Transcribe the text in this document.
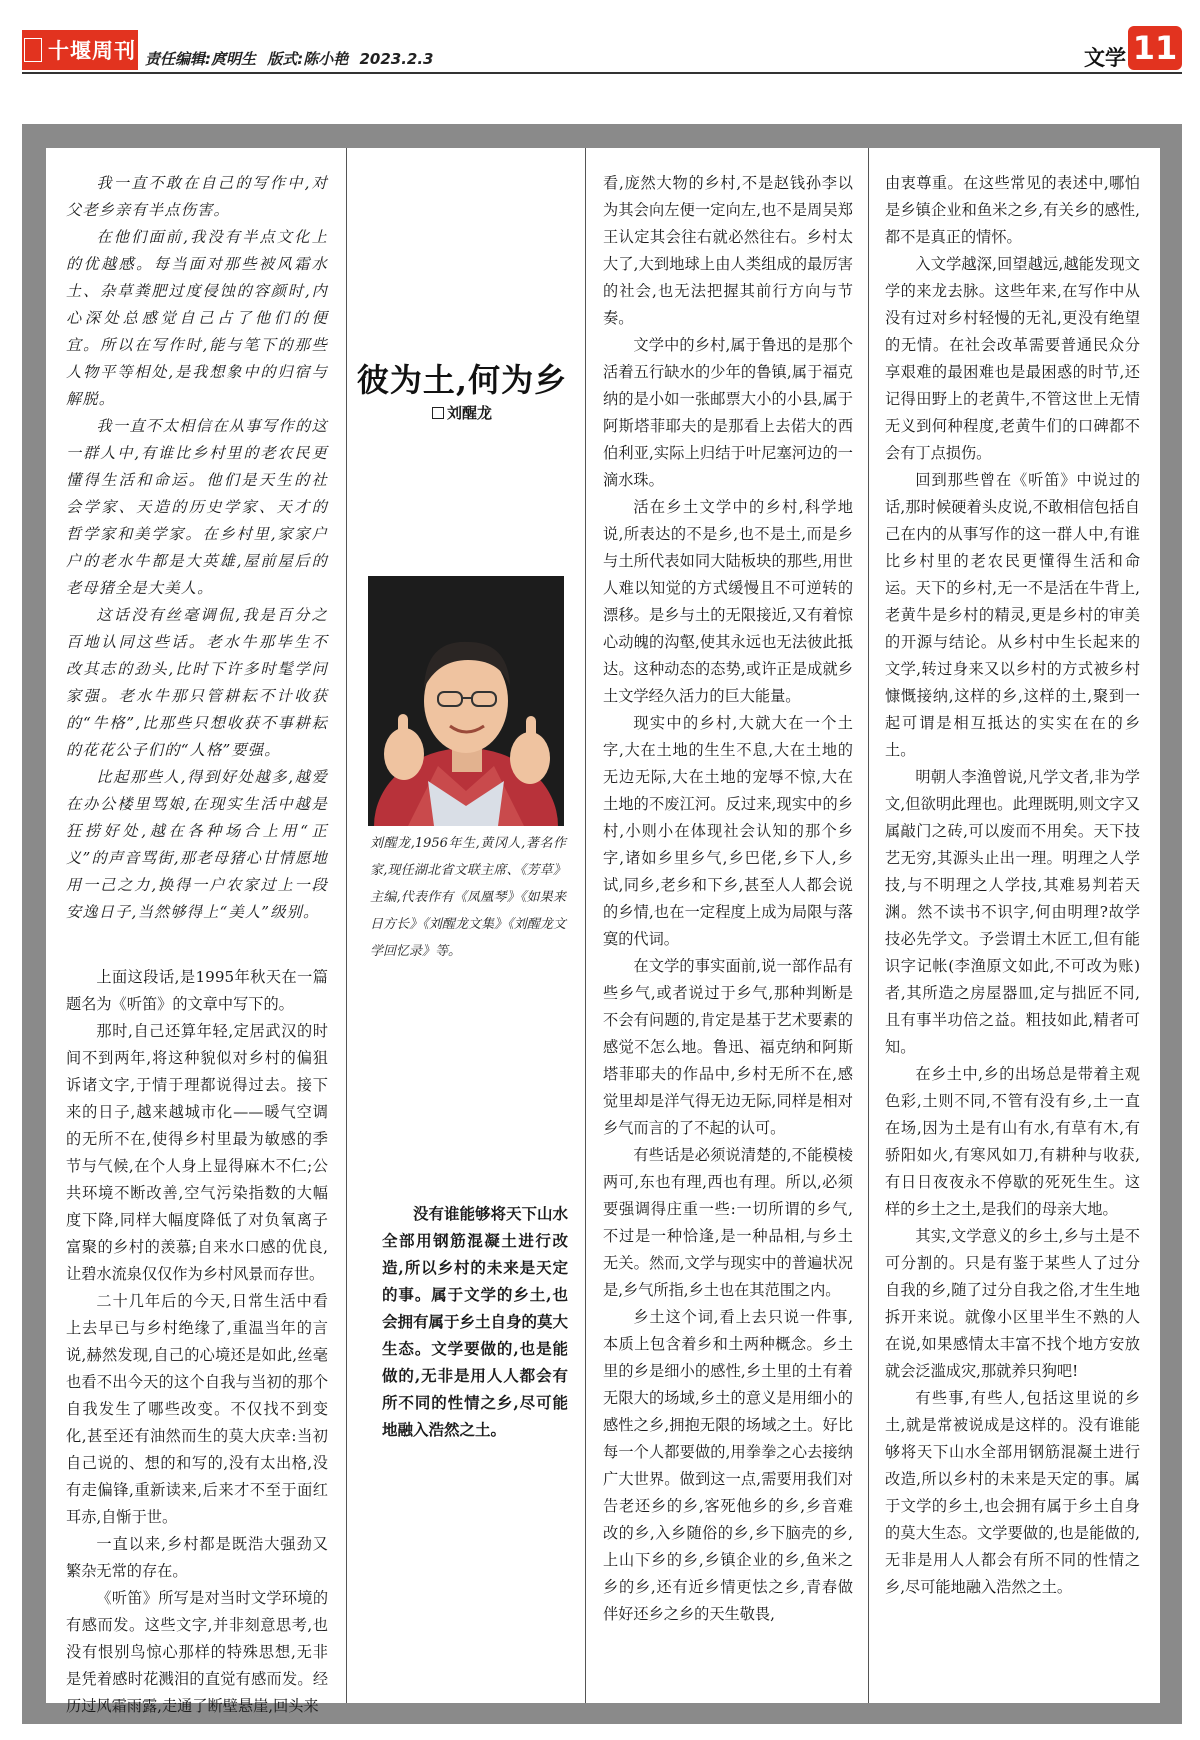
十堰周刊 责任编辑:庹明生 版式:陈小艳 2023.2.3	文学 11

我一直不敢在自己的写作中,对父老乡亲有半点伤害。

在他们面前,我没有半点文化上的优越感。每当面对那些被风霜水土、杂草粪肥过度侵蚀的容颜时,内心深处总感觉自己占了他们的便宜。所以在写作时,能与笔下的那些人物平等相处,是我想象中的归宿与解脱。

我一直不太相信在从事写作的这一群人中,有谁比乡村里的老农民更懂得生活和命运。他们是天生的社会学家、天造的历史学家、天才的哲学家和美学家。在乡村里,家家户户的老水牛都是大英雄,屋前屋后的老母猪全是大美人。

这话没有丝毫调侃,我是百分之百地认同这些话。老水牛那毕生不改其志的劲头,比时下许多时髦学问家强。老水牛那只管耕耘不计收获的“牛格”,比那些只想收获不事耕耘的花花公子们的“人格”要强。

比起那些人,得到好处越多,越爱在办公楼里骂娘,在现实生活中越是狂捞好处,越在各种场合上用“正义”的声音骂街,那老母猪心甘情愿地用一己之力,换得一户农家过上一段安逸日子,当然够得上“美人”级别。

上面这段话,是1995年秋天在一篇题名为《听笛》的文章中写下的。

那时,自己还算年轻,定居武汉的时间不到两年,将这种貌似对乡村的偏狙诉诸文字,于情于理都说得过去。接下来的日子,越来越城市化——暖气空调的无所不在,使得乡村里最为敏感的季节与气候,在个人身上显得麻木不仁;公共环境不断改善,空气污染指数的大幅度下降,同样大幅度降低了对负氧离子富聚的乡村的羡慕;自来水口感的优良,让碧水流泉仅仅作为乡村风景而存世。

二十几年后的今天,日常生活中看上去早已与乡村绝缘了,重温当年的言说,赫然发现,自己的心境还是如此,丝毫也看不出今天的这个自我与当初的那个自我发生了哪些改变。不仅找不到变化,甚至还有油然而生的莫大庆幸:当初自己说的、想的和写的,没有太出格,没有走偏锋,重新读来,后来才不至于面红耳赤,自惭于世。

一直以来,乡村都是既浩大强劲又繁杂无常的存在。

《听笛》所写是对当时文学环境的有感而发。这些文字,并非刻意思考,也没有恨别鸟惊心那样的特殊思想,无非是凭着感时花溅泪的直觉有感而发。经历过风霜雨露,走通了断壁悬崖,回头来

彼为土,何为乡
刘醒龙
刘醒龙,1956年生,黄冈人,著名作家,现任湖北省文联主席、《芳草》主编,代表作有《凤凰琴》《如果来日方长》《刘醒龙文集》《刘醒龙文学回忆录》等。

没有谁能够将天下山水全部用钢筋混凝土进行改造,所以乡村的未来是天定的事。属于文学的乡土,也会拥有属于乡土自身的莫大生态。文学要做的,也是能做的,无非是用人人都会有所不同的性情之乡,尽可能地融入浩然之土。

看,庞然大物的乡村,不是赵钱孙李以为其会向左便一定向左,也不是周吴郑王认定其会往右就必然往右。乡村太大了,大到地球上由人类组成的最厉害的社会,也无法把握其前行方向与节奏。

文学中的乡村,属于鲁迅的是那个活着五行缺水的少年的鲁镇,属于福克纳的是小如一张邮票大小的小县,属于阿斯塔菲耶夫的是那看上去偌大的西伯利亚,实际上归结于叶尼塞河边的一滴水珠。

活在乡土文学中的乡村,科学地说,所表达的不是乡,也不是土,而是乡与土所代表如同大陆板块的那些,用世人难以知觉的方式缓慢且不可逆转的漂移。是乡与土的无限接近,又有着惊心动魄的沟壑,使其永远也无法彼此抵达。这种动态的态势,或许正是成就乡土文学经久活力的巨大能量。

现实中的乡村,大就大在一个土字,大在土地的生生不息,大在土地的无边无际,大在土地的宠辱不惊,大在土地的不废江河。反过来,现实中的乡村,小则小在体现社会认知的那个乡字,诸如乡里乡气,乡巴佬,乡下人,乡试,同乡,老乡和下乡,甚至人人都会说的乡情,也在一定程度上成为局限与落寞的代词。

在文学的事实面前,说一部作品有些乡气,或者说过于乡气,那种判断是不会有问题的,肯定是基于艺术要素的感觉不怎么地。鲁迅、福克纳和阿斯塔菲耶夫的作品中,乡村无所不在,感觉里却是洋气得无边无际,同样是相对乡气而言的了不起的认可。

有些话是必须说清楚的,不能模棱两可,东也有理,西也有理。所以,必须要强调得庄重一些:一切所谓的乡气,不过是一种恰逢,是一种品相,与乡土无关。然而,文学与现实中的普遍状况是,乡气所指,乡土也在其范围之内。

乡土这个词,看上去只说一件事,本质上包含着乡和土两种概念。乡土里的乡是细小的感性,乡土里的土有着无限大的场域,乡土的意义是用细小的感性之乡,拥抱无限的场域之土。好比每一个人都要做的,用拳拳之心去接纳广大世界。做到这一点,需要用我们对告老还乡的乡,客死他乡的乡,乡音难改的乡,入乡随俗的乡,乡下脑壳的乡,上山下乡的乡,乡镇企业的乡,鱼米之乡的乡,还有近乡情更怯之乡,青春做伴好还乡之乡的天生敬畏,

由衷尊重。在这些常见的表述中,哪怕是乡镇企业和鱼米之乡,有关乡的感性,都不是真正的情怀。

入文学越深,回望越远,越能发现文学的来龙去脉。这些年来,在写作中从没有过对乡村轻慢的无礼,更没有绝望的无情。在社会改革需要普通民众分享艰难的最困难也是最困惑的时节,还记得田野上的老黄牛,不管这世上无情无义到何种程度,老黄牛们的口碑都不会有丁点损伤。

回到那些曾在《听笛》中说过的话,那时候硬着头皮说,不敢相信包括自己在内的从事写作的这一群人中,有谁比乡村里的老农民更懂得生活和命运。天下的乡村,无一不是活在牛背上,老黄牛是乡村的精灵,更是乡村的审美的开源与结论。从乡村中生长起来的文学,转过身来又以乡村的方式被乡村慷慨接纳,这样的乡,这样的土,聚到一起可谓是相互抵达的实实在在的乡土。

明朝人李渔曾说,凡学文者,非为学文,但欲明此理也。此理既明,则文字又属敲门之砖,可以废而不用矣。天下技艺无穷,其源头止出一理。明理之人学技,与不明理之人学技,其难易判若天渊。然不读书不识字,何由明理?故学技必先学文。予尝谓土木匠工,但有能识字记帐(李渔原文如此,不可改为账)者,其所造之房屋器皿,定与拙匠不同,且有事半功倍之益。粗技如此,精者可知。

在乡土中,乡的出场总是带着主观色彩,土则不同,不管有没有乡,土一直在场,因为土是有山有水,有草有木,有骄阳如火,有寒风如刀,有耕种与收获,有日日夜夜永不停歇的死死生生。这样的乡土之土,是我们的母亲大地。

其实,文学意义的乡土,乡与土是不可分割的。只是有鉴于某些人了过分自我的乡,随了过分自我之俗,才生生地拆开来说。就像小区里半生不熟的人在说,如果感情太丰富不找个地方安放就会泛滥成灾,那就养只狗吧!

有些事,有些人,包括这里说的乡土,就是常被说成是这样的。没有谁能够将天下山水全部用钢筋混凝土进行改造,所以乡村的未来是天定的事。属于文学的乡土,也会拥有属于乡土自身的莫大生态。文学要做的,也是能做的,无非是用人人都会有所不同的性情之乡,尽可能地融入浩然之土。
